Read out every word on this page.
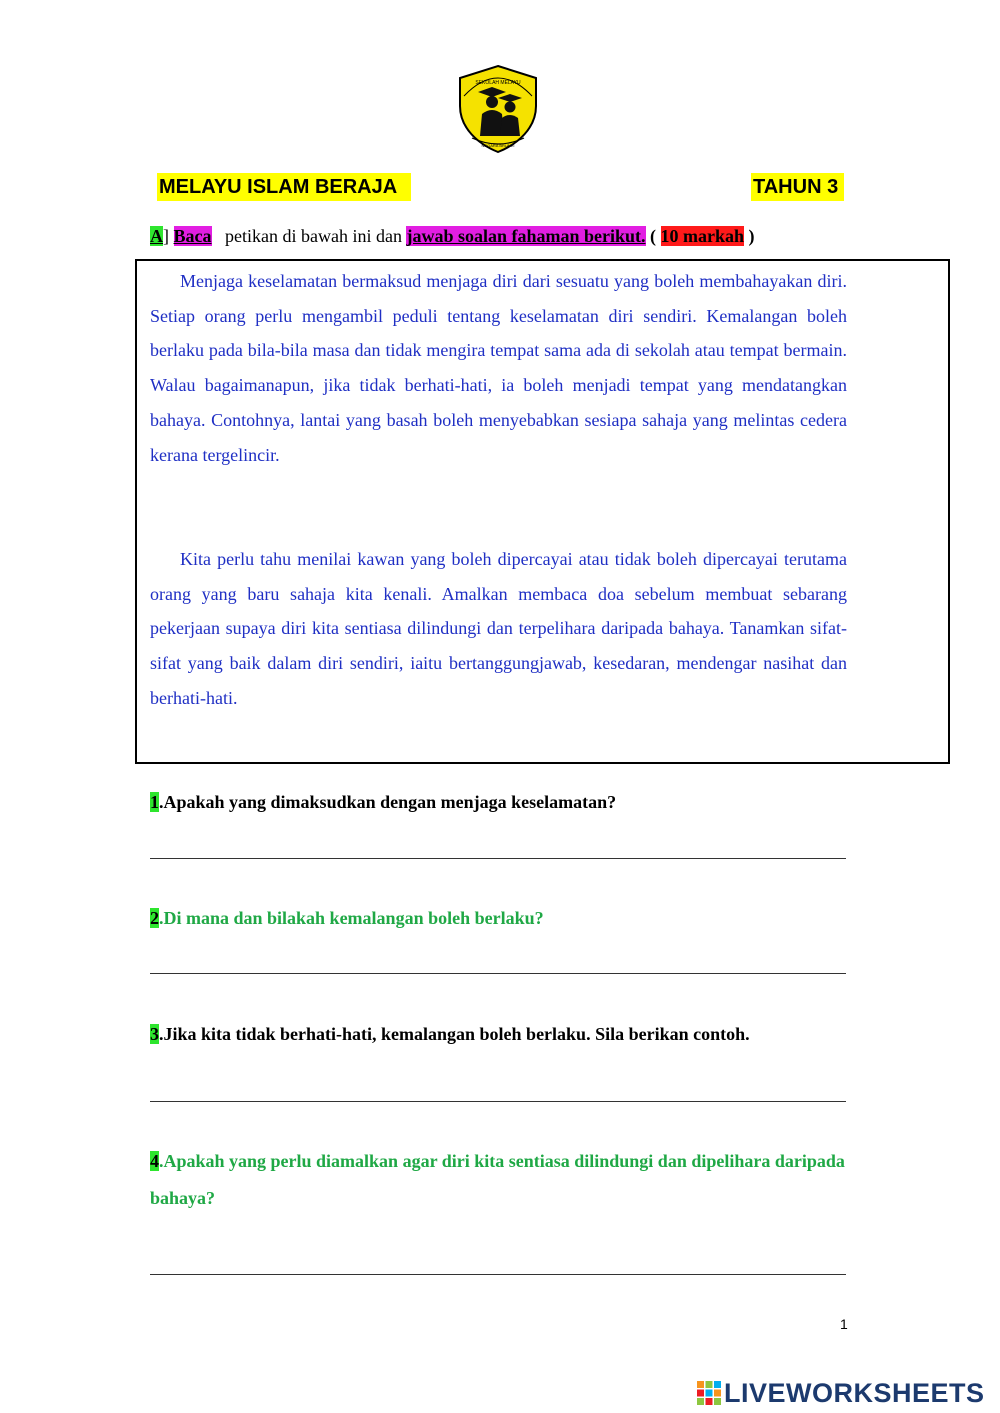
SEKOLAH MELAYU
NEGARA BRUNEI
MELAYU ISLAM BERAJA	TAHUN 3
A] Baca petikan di bawah ini dan jawab soalan fahaman berikut. ( 10 markah )

Menjaga keselamatan bermaksud menjaga diri dari sesuatu yang boleh membahayakan diri. Setiap orang perlu mengambil peduli tentang keselamatan diri sendiri. Kemalangan boleh berlaku pada bila-bila masa dan tidak mengira tempat sama ada di sekolah atau tempat bermain. Walau bagaimanapun, jika tidak berhati-hati, ia boleh menjadi tempat yang mendatangkan bahaya. Contohnya, lantai yang basah boleh menyebabkan sesiapa sahaja yang melintas cedera kerana tergelincir.

Kita perlu tahu menilai kawan yang boleh dipercayai atau tidak boleh dipercayai terutama orang yang baru sahaja kita kenali. Amalkan membaca doa sebelum membuat sebarang pekerjaan supaya diri kita sentiasa dilindungi dan terpelihara daripada bahaya. Tanamkan sifat-sifat yang baik dalam diri sendiri, iaitu bertanggungjawab, kesedaran, mendengar nasihat dan berhati-hati.

1.Apakah yang dimaksudkan dengan menjaga keselamatan?
2.Di mana dan bilakah kemalangan boleh berlaku?
3.Jika kita tidak berhati-hati, kemalangan boleh berlaku. Sila berikan contoh.
4.Apakah yang perlu diamalkan agar diri kita sentiasa dilindungi dan dipelihara daripada bahaya?
1
LIVEWORKSHEETS
